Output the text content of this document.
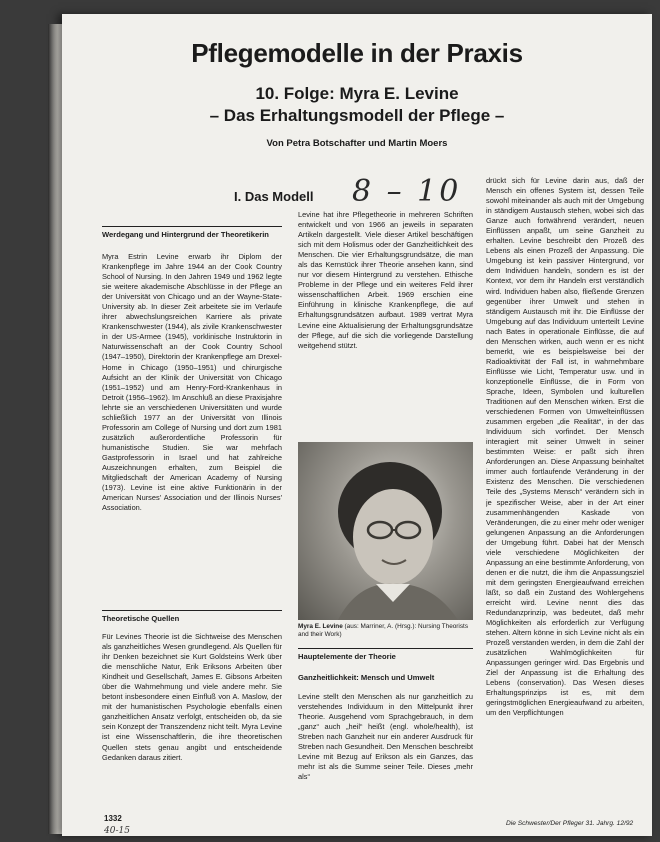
Pflegemodelle in der Praxis
10. Folge: Myra E. Levine
– Das Erhaltungsmodell der Pflege –
Von Petra Botschafter und Martin Moers
I. Das Modell 8 – 10
Werdegang und Hintergrund der Theoretikerin

Myra Estrin Levine erwarb ihr Diplom der Krankenpflege im Jahre 1944 an der Cook Country School of Nursing. In den Jahren 1949 und 1962 legte sie weitere akademische Abschlüsse in der Pflege an der Universität von Chicago und an der Wayne-State-University ab. In dieser Zeit arbeitete sie im Verlaufe ihrer abwechslungsreichen Karriere als private Krankenschwester (1944), als zivile Krankenschwester in der US-Armee (1945), vorklinische Instruktorin in Naturwissenschaft an der Cook Country School (1947–1950), Direktorin der Krankenpflege am Drexel-Home in Chicago (1950–1951) und chirurgische Aufsicht an der Klinik der Universität von Chicago (1951–1952) und am Henry-Ford-Krankenhaus in Detroit (1956–1962). Im Anschluß an diese Praxisjahre lehrte sie an verschiedenen Universitäten und wurde schließlich 1977 an der Universität von Illinois Professorin am College of Nursing und dort zum 1981 zusätzlich außerordentliche Professorin für humanistische Studien. Sie war mehrfach Gastprofessorin in Israel und hat zahlreiche Auszeichnungen erhalten, zum Beispiel die Mitgliedschaft der American Academy of Nursing (1973). Levine ist eine aktive Funktionärin in der American Nurses' Association und der Illinois Nurses' Association.

Theoretische Quellen

Für Levines Theorie ist die Sichtweise des Menschen als ganzheitliches Wesen grundlegend. Als Quellen für ihr Denken bezeichnet sie Kurt Goldsteins Werk über die menschliche Natur, Erik Eriksons Arbeiten über Kindheit und Gesellschaft, James E. Gibsons Arbeiten über die Wahrnehmung und viele andere mehr. Sie betont insbesondere einen Einfluß von A. Maslow, der mit der humanistischen Psychologie ebenfalls einen ganzheitlichen Ansatz verfolgt, entscheiden ob, da sie sein Konzept der Transzendenz nicht teilt. Myra Levine ist eine Wissenschaftlerin, die ihre theoretischen Quellen stets genau angibt und entscheidende Gedanken daraus zitiert.

Levine hat ihre Pflegetheorie in mehreren Schriften entwickelt und von 1966 an jeweils in separaten Artikeln dargestellt. Viele dieser Artikel beschäftigen sich mit dem Holismus oder der Ganzheitlichkeit des Menschen. Die vier Erhaltungsgrundsätze, die man als das Kernstück ihrer Theorie ansehen kann, sind nur vor diesem Hintergrund zu verstehen. Ethische Probleme in der Pflege und ein weiteres Feld ihrer wissenschaftlichen Arbeit. 1969 erschien eine Einführung in klinische Krankenpflege, die auf Erhaltungsgrundsätzen aufbaut. 1989 vertrat Myra Levine eine Aktualisierung der Erhaltungsgrundsätze der Pflege, auf die sich die vorliegende Darstellung weitgehend stützt.

Myra E. Levine (aus: Marriner, A. (Hrsg.): Nursing Theorists and their Work)
Hauptelemente der Theorie
Ganzheitlichkeit: Mensch und Umwelt

Levine stellt den Menschen als nur ganzheitlich zu verstehendes Individuum in den Mittelpunkt ihrer Theorie. Ausgehend vom Sprachgebrauch, in dem „ganz“ auch „heil“ heißt (engl. whole/health), ist Streben nach Ganzheit nur ein anderer Ausdruck für Streben nach Gesundheit. Den Menschen beschreibt Levine mit Bezug auf Erikson als ein Ganzes, das mehr ist als die Summe seiner Teile. Dieses „mehr als“

drückt sich für Levine darin aus, daß der Mensch ein offenes System ist, dessen Teile sowohl miteinander als auch mit der Umgebung in ständigem Austausch stehen, wobei sich das Ganze auch fortwährend verändert, neuen Einflüssen anpaßt, um seine Ganzheit zu erhalten. Levine beschreibt den Prozeß des Lebens als einen Prozeß der Anpassung. Die Umgebung ist kein passiver Hintergrund, vor dem Individuen handeln, sondern es ist der Kontext, vor dem ihr Handeln erst verständlich wird. Individuen haben also, fließende Grenzen gegenüber ihrer Umwelt und stehen in ständigem Austausch mit ihr. Die Einflüsse der Umgebung auf das Individuum unterteilt Levine nach Bates in operationale Einflüsse, die auf den Menschen wirken, auch wenn er es nicht bemerkt, wie es beispielsweise bei der Radioaktivität der Fall ist, in wahrnehmbare Einflüsse wie Licht, Temperatur usw. und in konzeptionelle Einflüsse, die in Form von Sprache, Ideen, Symbolen und kulturellen Traditionen auf den Menschen wirken. Erst die verschiedenen Formen von Umwelteinflüssen zusammen ergeben „die Realität“, in der das Individuum sich vorfindet. Der Mensch interagiert mit seiner Umwelt in seiner bestimmten Weise: er paßt sich ihren Anforderungen an. Diese Anpassung beinhaltet immer auch fortlaufende Veränderung in der Existenz des Menschen. Die verschiedenen Teile des „Systems Mensch“ verändern sich in je spezifischer Weise, aber in der Art einer zusammenhängenden Kaskade von Veränderungen, die zu einer mehr oder weniger gelungenen Anpassung an die Anforderungen der Umgebung führt. Dabei hat der Mensch viele verschiedene Möglichkeiten der Anpassung an eine bestimmte Anforderung, von denen er die nutzt, die ihm die Anpassungsziel mit dem geringsten Energieaufwand erreichen läßt, so daß ein Zustand des Wohlergehens erreicht wird. Levine nennt dies das Redundanzprinzip, was bedeutet, daß mehr Möglichkeiten als erforderlich zur Verfügung stehen. Altern könne in sich Levine nicht als ein Prozeß verstanden werden, in dem die Zahl der zusätzlichen Wahlmöglichkeiten für Anpassungen geringer wird. Das Ergebnis und Ziel der Anpassung ist die Erhaltung des Lebens (conservation). Das Wesen dieses Erhaltungsprinzips ist es, mit dem geringstmöglichen Energieaufwand zu arbeiten, um den Verpflichtungen

1332
40-15
Die Schwester/Der Pfleger 31. Jahrg. 12/92
